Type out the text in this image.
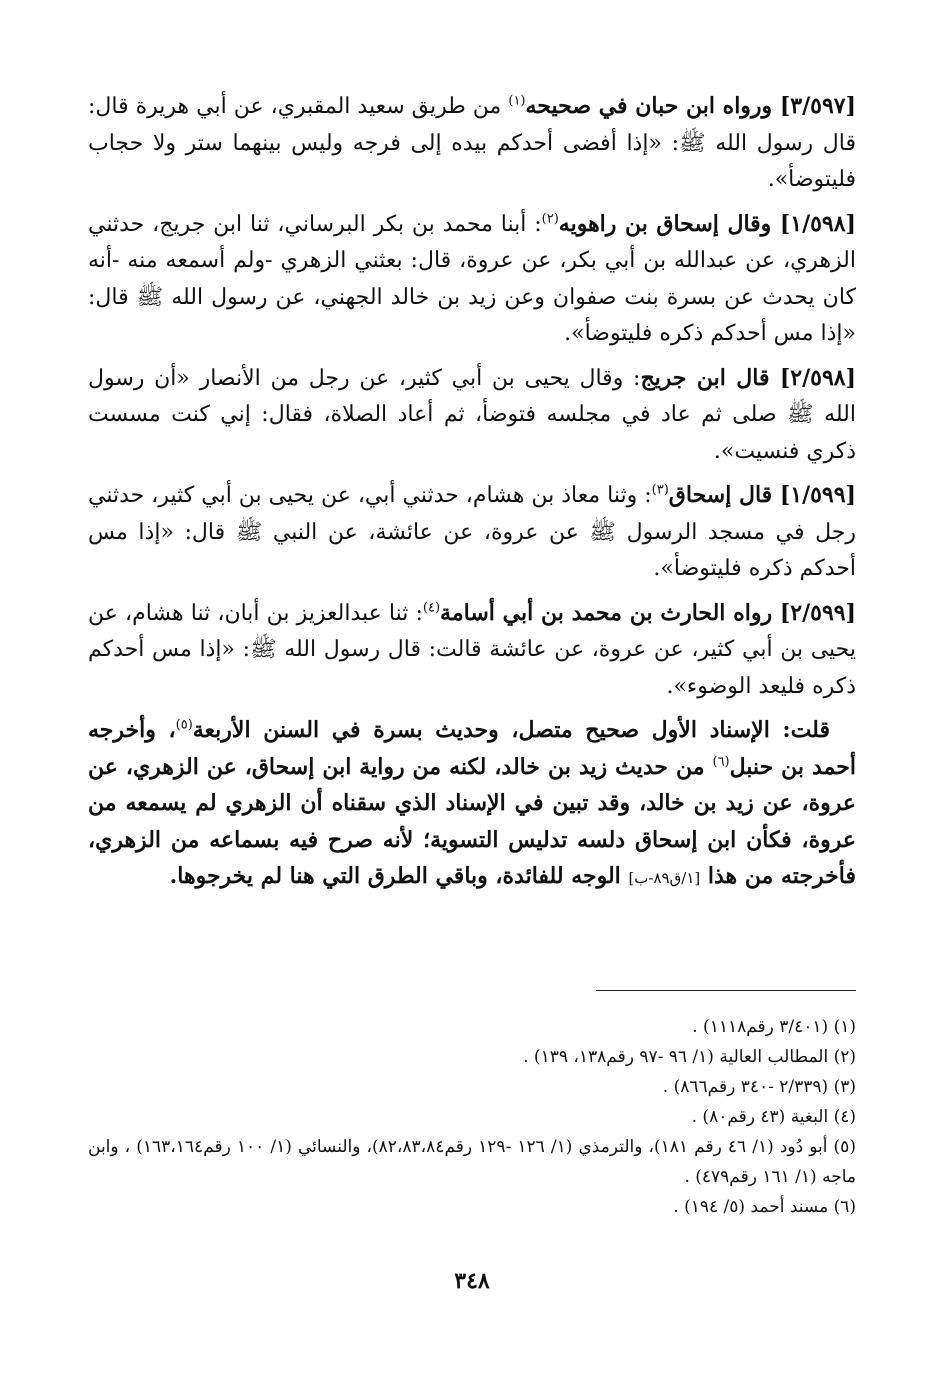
[٣/٥٩٧] ورواه ابن حبان في صحيحه$^{(١)}$ من طريق سعيد المقبري، عن أبي هريرة قال: قال رسول الله ﷺ: «إذا أفضى أحدكم بيده إلى فرجه وليس بينهما ستر ولا حجاب فليتوضأ».

[١/٥٩٨] وقال إسحاق بن راهويه$^{(٢)}$: أبنا محمد بن بكر البرساني، ثنا ابن جريج، حدثني الزهري، عن عبدالله بن أبي بكر، عن عروة، قال: بعثني الزهري -ولم أسمعه منه -أنه كان يحدث عن بسرة بنت صفوان وعن زيد بن خالد الجهني، عن رسول الله ﷺ قال: «إذا مس أحدكم ذكره فليتوضأ».

[٢/٥٩٨] قال ابن جريج: وقال يحيى بن أبي كثير، عن رجل من الأنصار «أن رسول الله ﷺ صلى ثم عاد في مجلسه فتوضأ، ثم أعاد الصلاة، فقال: إني كنت مسست ذكري فنسيت».

[١/٥٩٩] قال إسحاق$^{(٣)}$: وثنا معاذ بن هشام، حدثني أبي، عن يحيى بن أبي كثير، حدثني رجل في مسجد الرسول ﷺ عن عروة، عن عائشة، عن النبي ﷺ قال: «إذا مس أحدكم ذكره فليتوضأ».

[٢/٥٩٩] رواه الحارث بن محمد بن أبي أسامة$^{(٤)}$: ثنا عبدالعزيز بن أبان، ثنا هشام، عن يحيى بن أبي كثير، عن عروة، عن عائشة قالت: قال رسول الله ﷺ: «إذا مس أحدكم ذكره فليعد الوضوء».

قلت: الإسناد الأول صحيح متصل، وحديث بسرة في السنن الأربعة$^{(٥)}$، وأخرجه أحمد بن حنبل$^{(٦)}$ من حديث زيد بن خالد، لكنه من رواية ابن إسحاق، عن الزهري، عن عروة، عن زيد بن خالد، وقد تبين في الإسناد الذي سقناه أن الزهري لم يسمعه من عروة، فكأن ابن إسحاق دلسه تدليس التسوية؛ لأنه صرح فيه بسماعه من الزهري، فأخرجته من هذا [١/ق٨٩-ب] الوجه للفائدة، وباقي الطرق التي هنا لم يخرجوها.

(١) (٣/٤٠١ رقم١١١٨) .

(٢) المطالب العالية (١/ ٩٦ -٩٧ رقم١٣٨، ١٣٩) .

(٣) (٢/٣٣٩ -٣٤٠ رقم٨٦٦) .

(٤) البغية (٤٣ رقم٨٠) .

(٥) أبو دُود (١/ ٤٦ رقم ١٨١)، والترمذي (١/ ١٢٦ -١٢٩ رقم٨٢،٨٣،٨٤)، والنسائي (١/ ١٠٠ رقم١٦٣،١٦٤) ، وابن ماجه (١/ ١٦١ رقم٤٧٩) .

(٦) مسند أحمد (٥/ ١٩٤) .

٣٤٨
